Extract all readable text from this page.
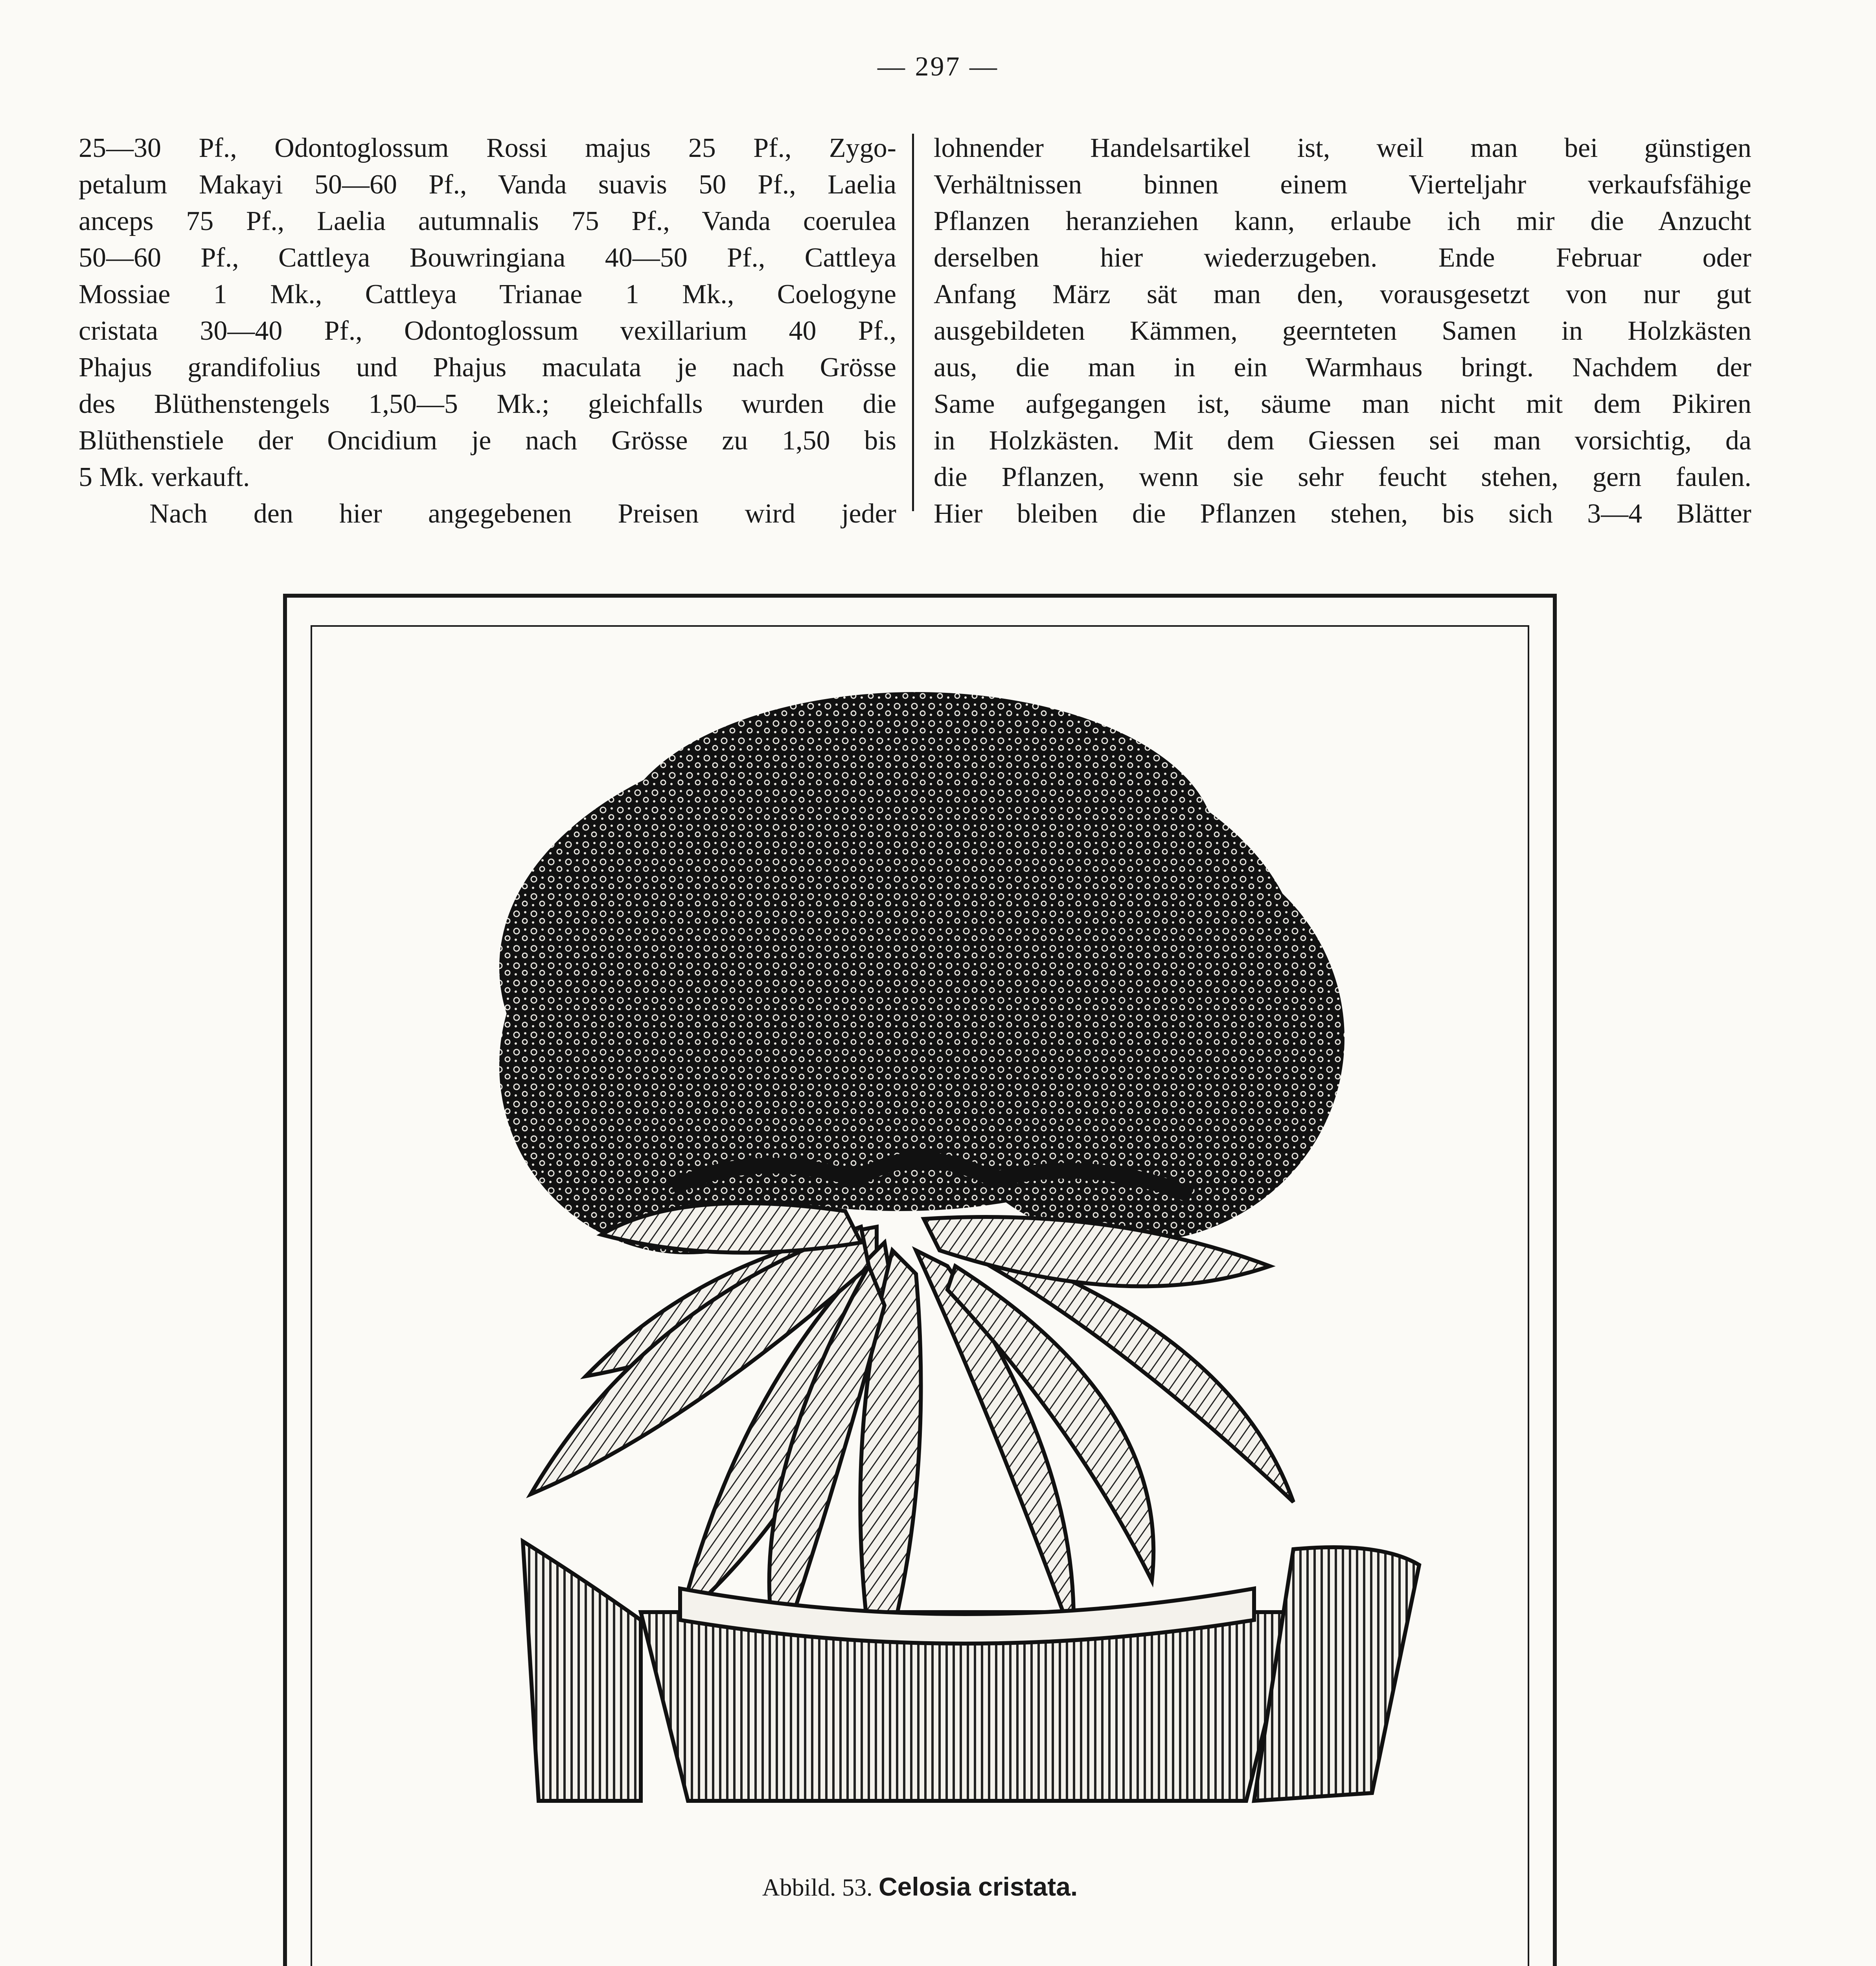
— 297 —
25—30 Pf., Odontoglossum Rossi majus 25 Pf., Zygo-
petalum Makayi 50—60 Pf., Vanda suavis 50 Pf., Laelia
anceps 75 Pf., Laelia autumnalis 75 Pf., Vanda coerulea
50—60 Pf., Cattleya Bouwringiana 40—50 Pf., Cattleya
Mossiae 1 Mk., Cattleya Trianae 1 Mk., Coelogyne
cristata 30—40 Pf., Odontoglossum vexillarium 40 Pf.,
Phajus grandifolius und Phajus maculata je nach Grösse
des Blüthenstengels 1,50—5 Mk.; gleichfalls wurden die
Blüthenstiele der Oncidium je nach Grösse zu 1,50 bis
5 Mk. verkauft.
Nach den hier angegebenen Preisen wird jeder
lohnender Handelsartikel ist, weil man bei günstigen
Verhältnissen binnen einem Vierteljahr verkaufsfähige
Pflanzen heranziehen kann, erlaube ich mir die Anzucht
derselben hier wiederzugeben. Ende Februar oder
Anfang März sät man den, vorausgesetzt von nur gut
ausgebildeten Kämmen, geernteten Samen in Holzkästen
aus, die man in ein Warmhaus bringt. Nachdem der
Same aufgegangen ist, säume man nicht mit dem Pikiren
in Holzkästen. Mit dem Giessen sei man vorsichtig, da
die Pflanzen, wenn sie sehr feucht stehen, gern faulen.
Hier bleiben die Pflanzen stehen, bis sich 3—4 Blätter
Abbild. 53. Celosia cristata.
